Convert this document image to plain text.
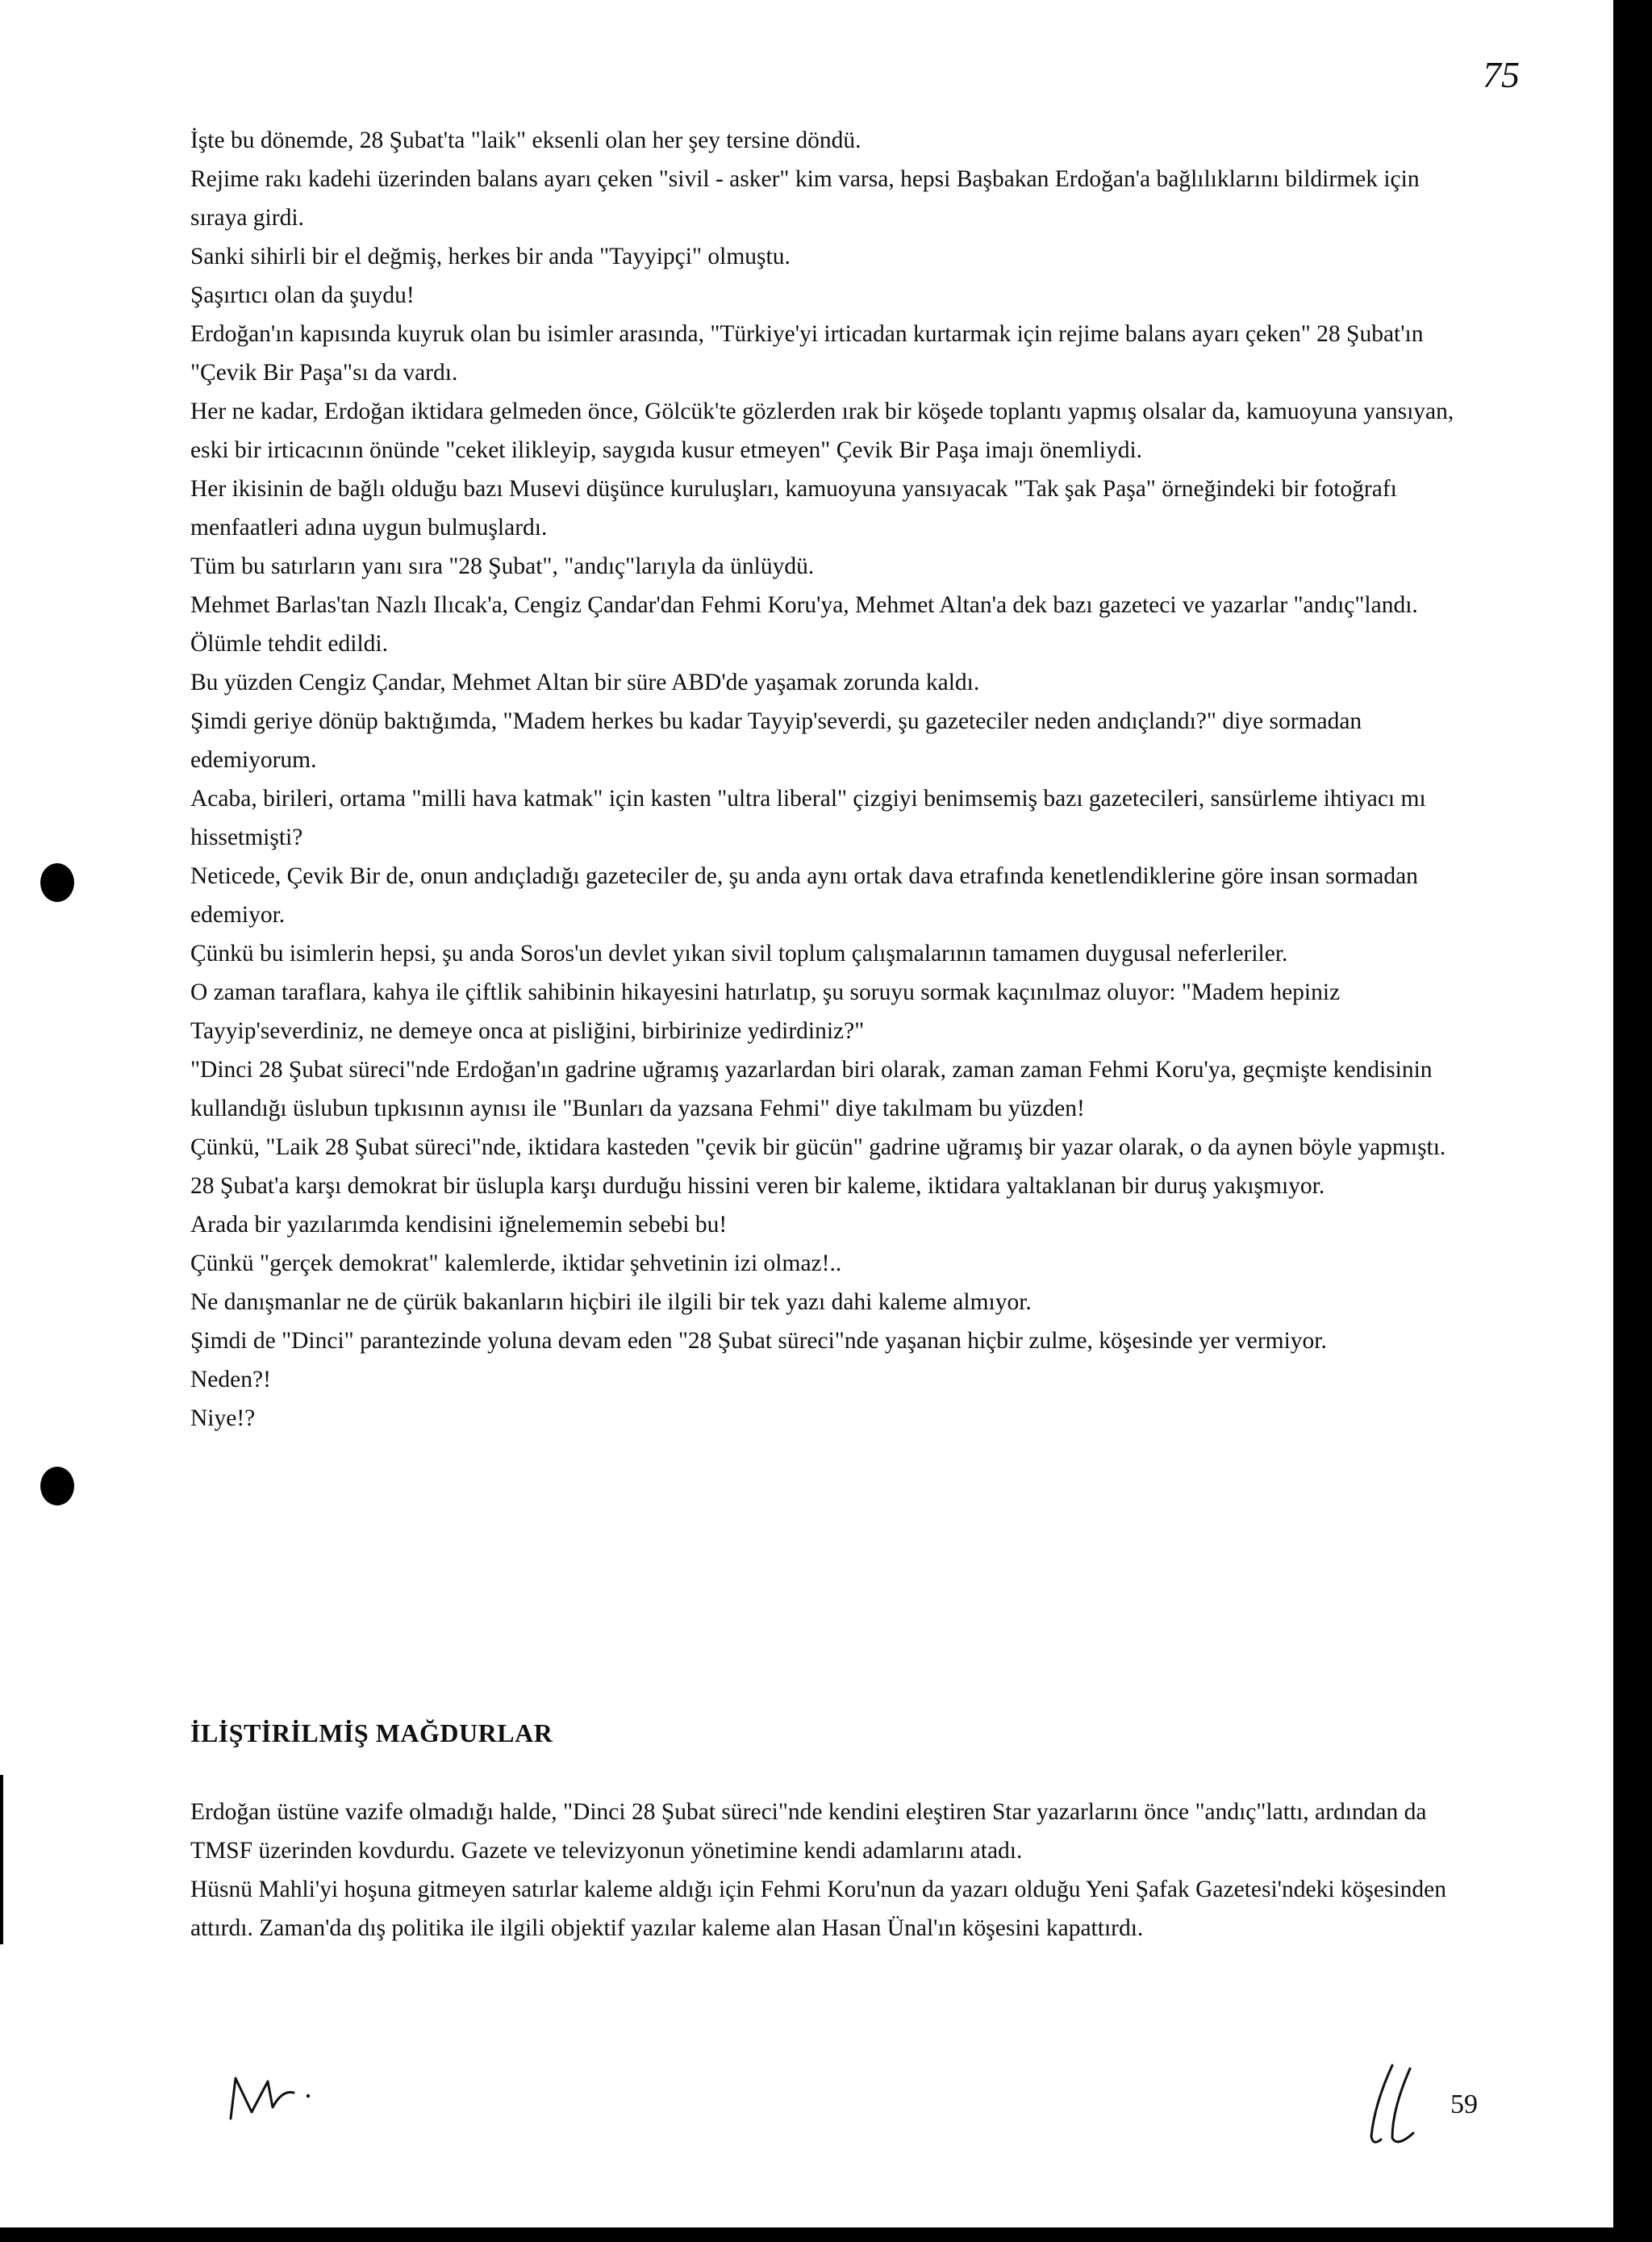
75

İşte bu dönemde, 28 Şubat'ta "laik" eksenli olan her şey tersine döndü.

Rejime rakı kadehi üzerinden balans ayarı çeken "sivil - asker" kim varsa, hepsi Başbakan Erdoğan'a bağlılıklarını bildirmek için sıraya girdi.

Sanki sihirli bir el değmiş, herkes bir anda "Tayyipçi" olmuştu.

Şaşırtıcı olan da şuydu!

Erdoğan'ın kapısında kuyruk olan bu isimler arasında, "Türkiye'yi irticadan kurtarmak için rejime balans ayarı çeken" 28 Şubat'ın "Çevik Bir Paşa"sı da vardı.

Her ne kadar, Erdoğan iktidara gelmeden önce, Gölcük'te gözlerden ırak bir köşede toplantı yapmış olsalar da, kamuoyuna yansıyan, eski bir irticacının önünde "ceket ilikleyip, saygıda kusur etmeyen" Çevik Bir Paşa imajı önemliydi.

Her ikisinin de bağlı olduğu bazı Musevi düşünce kuruluşları, kamuoyuna yansıyacak "Tak şak Paşa" örneğindeki bir fotoğrafı menfaatleri adına uygun bulmuşlardı.

Tüm bu satırların yanı sıra "28 Şubat", "andıç"larıyla da ünlüydü.

Mehmet Barlas'tan Nazlı Ilıcak'a, Cengiz Çandar'dan Fehmi Koru'ya, Mehmet Altan'a dek bazı gazeteci ve yazarlar "andıç"landı.

Ölümle tehdit edildi.

Bu yüzden Cengiz Çandar, Mehmet Altan bir süre ABD'de yaşamak zorunda kaldı.

Şimdi geriye dönüp baktığımda, "Madem herkes bu kadar Tayyip'severdi, şu gazeteciler neden andıçlandı?" diye sormadan edemiyorum.

Acaba, birileri, ortama "milli hava katmak" için kasten "ultra liberal" çizgiyi benimsemiş bazı gazetecileri, sansürleme ihtiyacı mı hissetmişti?

Neticede, Çevik Bir de, onun andıçladığı gazeteciler de, şu anda aynı ortak dava etrafında kenetlendiklerine göre insan sormadan edemiyor.

Çünkü bu isimlerin hepsi, şu anda Soros'un devlet yıkan sivil toplum çalışmalarının tamamen duygusal neferleriler.

O zaman taraflara, kahya ile çiftlik sahibinin hikayesini hatırlatıp, şu soruyu sormak kaçınılmaz oluyor: "Madem hepiniz Tayyip'severdiniz, ne demeye onca at pisliğini, birbirinize yedirdiniz?"

"Dinci 28 Şubat süreci"nde Erdoğan'ın gadrine uğramış yazarlardan biri olarak, zaman zaman Fehmi Koru'ya, geçmişte kendisinin kullandığı üslubun tıpkısının aynısı ile "Bunları da yazsana Fehmi" diye takılmam bu yüzden!

Çünkü, "Laik 28 Şubat süreci"nde, iktidara kasteden "çevik bir gücün" gadrine uğramış bir yazar olarak, o da aynen böyle yapmıştı.

28 Şubat'a karşı demokrat bir üslupla karşı durduğu hissini veren bir kaleme, iktidara yaltaklanan bir duruş yakışmıyor.

Arada bir yazılarımda kendisini iğnelememin sebebi bu!

Çünkü "gerçek demokrat" kalemlerde, iktidar şehvetinin izi olmaz!..

Ne danışmanlar ne de çürük bakanların hiçbiri ile ilgili bir tek yazı dahi kaleme almıyor.

Şimdi de "Dinci" parantezinde yoluna devam eden "28 Şubat süreci"nde yaşanan hiçbir zulme, köşesinde yer vermiyor.

Neden?!

Niye!?

İLİŞTİRİLMİŞ MAĞDURLAR

Erdoğan üstüne vazife olmadığı halde, "Dinci 28 Şubat süreci"nde kendini eleştiren Star yazarlarını önce "andıç"lattı, ardından da TMSF üzerinden kovdurdu. Gazete ve televizyonun yönetimine kendi adamlarını atadı.

Hüsnü Mahli'yi hoşuna gitmeyen satırlar kaleme aldığı için Fehmi Koru'nun da yazarı olduğu Yeni Şafak Gazetesi'ndeki köşesinden attırdı. Zaman'da dış politika ile ilgili objektif yazılar kaleme alan Hasan Ünal'ın köşesini kapattırdı.

59
